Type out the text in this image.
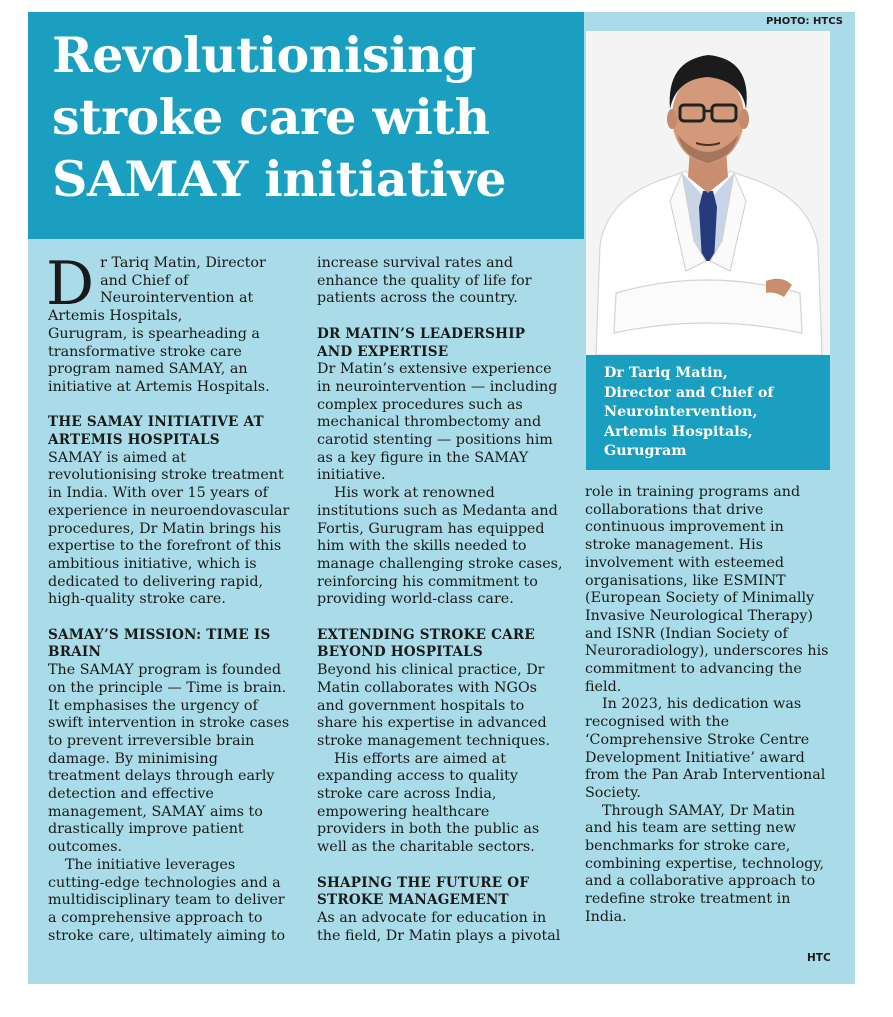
Revolutionising stroke care with SAMAY initiative
PHOTO: HTCS
Dr Tariq Matin,
Director and Chief of
Neurointervention,
Artemis Hospitals,
Gurugram

Dr Tariq Matin, Director
and Chief of
Neurointervention at
Artemis Hospitals,
Gurugram, is spearheading a
transformative stroke care
program named SAMAY, an
initiative at Artemis Hospitals.

THE SAMAY INITIATIVE AT
ARTEMIS HOSPITALS

SAMAY is aimed at
revolutionising stroke treatment
in India. With over 15 years of
experience in neuroendovascular
procedures, Dr Matin brings his
expertise to the forefront of this
ambitious initiative, which is
dedicated to delivering rapid,
high-quality stroke care.

SAMAY’S MISSION: TIME IS
BRAIN

The SAMAY program is founded
on the principle — Time is brain.
It emphasises the urgency of
swift intervention in stroke cases
to prevent irreversible brain
damage. By minimising
treatment delays through early
detection and effective
management, SAMAY aims to
drastically improve patient
outcomes.

The initiative leverages
cutting-edge technologies and a
multidisciplinary team to deliver
a comprehensive approach to
stroke care, ultimately aiming to

increase survival rates and
enhance the quality of life for
patients across the country.

DR MATIN’S LEADERSHIP
AND EXPERTISE

Dr Matin’s extensive experience
in neurointervention — including
complex procedures such as
mechanical thrombectomy and
carotid stenting — positions him
as a key figure in the SAMAY
initiative.

His work at renowned
institutions such as Medanta and
Fortis, Gurugram has equipped
him with the skills needed to
manage challenging stroke cases,
reinforcing his commitment to
providing world-class care.

EXTENDING STROKE CARE
BEYOND HOSPITALS

Beyond his clinical practice, Dr
Matin collaborates with NGOs
and government hospitals to
share his expertise in advanced
stroke management techniques.

His efforts are aimed at
expanding access to quality
stroke care across India,
empowering healthcare
providers in both the public as
well as the charitable sectors.

SHAPING THE FUTURE OF
STROKE MANAGEMENT

As an advocate for education in
the field, Dr Matin plays a pivotal

role in training programs and
collaborations that drive
continuous improvement in
stroke management. His
involvement with esteemed
organisations, like ESMINT
(European Society of Minimally
Invasive Neurological Therapy)
and ISNR (Indian Society of
Neuroradiology), underscores his
commitment to advancing the
field.

In 2023, his dedication was
recognised with the
‘Comprehensive Stroke Centre
Development Initiative’ award
from the Pan Arab Interventional
Society.

Through SAMAY, Dr Matin
and his team are setting new
benchmarks for stroke care,
combining expertise, technology,
and a collaborative approach to
redefine stroke treatment in
India.

HTC
